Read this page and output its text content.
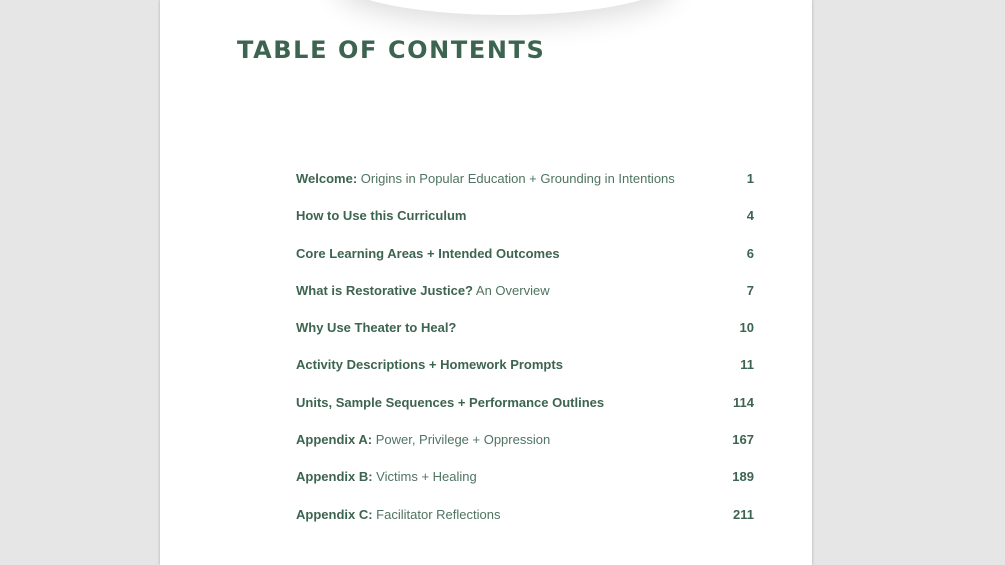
TABLE OF CONTENTS
Welcome: Origins in Popular Education + Grounding in Intentions	1
How to Use this Curriculum	4
Core Learning Areas + Intended Outcomes	6
What is Restorative Justice? An Overview	7
Why Use Theater to Heal?	10
Activity Descriptions + Homework Prompts	11
Units, Sample Sequences + Performance Outlines	114
Appendix A: Power, Privilege + Oppression	167
Appendix B: Victims + Healing	189
Appendix C: Facilitator Reflections	211
